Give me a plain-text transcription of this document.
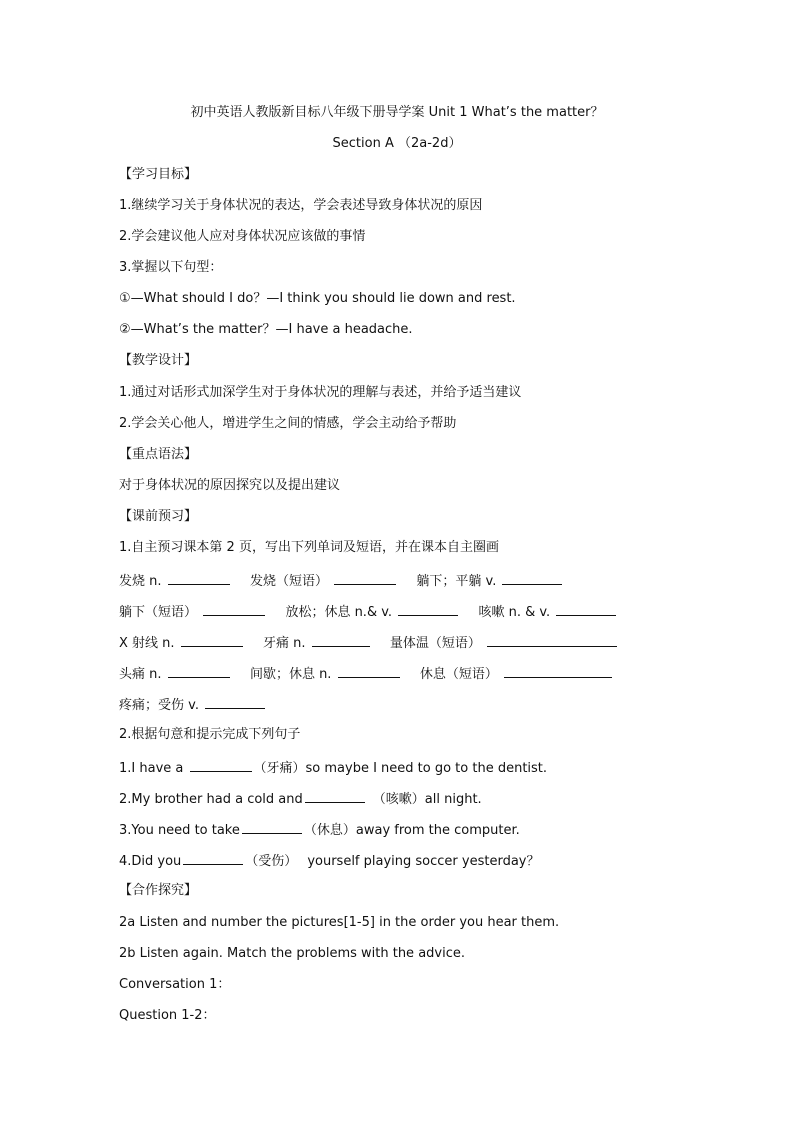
初中英语人教版新目标八年级下册导学案 Unit 1 What’s the matter？
Section A （2a-2d）
【学习目标】
1.继续学习关于身体状况的表达，学会表述导致身体状况的原因
2.学会建议他人应对身体状况应该做的事情
3.掌握以下句型：
①—What should I do？—I think you should lie down and rest.
②—What’s the matter？—I have a headache.
【教学设计】
1.通过对话形式加深学生对于身体状况的理解与表述，并给予适当建议
2.学会关心他人，增进学生之间的情感，学会主动给予帮助
【重点语法】
对于身体状况的原因探究以及提出建议
【课前预习】
1.自主预习课本第 2 页，写出下列单词及短语，并在课本自主圈画
发烧 n.	发烧（短语）	躺下；平躺 v.
躺下（短语）	放松；休息 n.& v.	咳嗽 n. & v.
X 射线 n.	牙痛 n.	量体温（短语）
头痛 n.	间歇；休息 n.	休息（短语）
疼痛；受伤 v.
2.根据句意和提示完成下列句子
1.I have a	（牙痛）so maybe I need to go to the dentist.
2.My brother had a cold and	（咳嗽）all night.
3.You need to take	（休息）away from the computer.
4.Did you	（受伤） yourself playing soccer yesterday？
【合作探究】
2a Listen and number the pictures[1-5] in the order you hear them.
2b Listen again. Match the problems with the advice.
Conversation 1：
Question 1-2：
